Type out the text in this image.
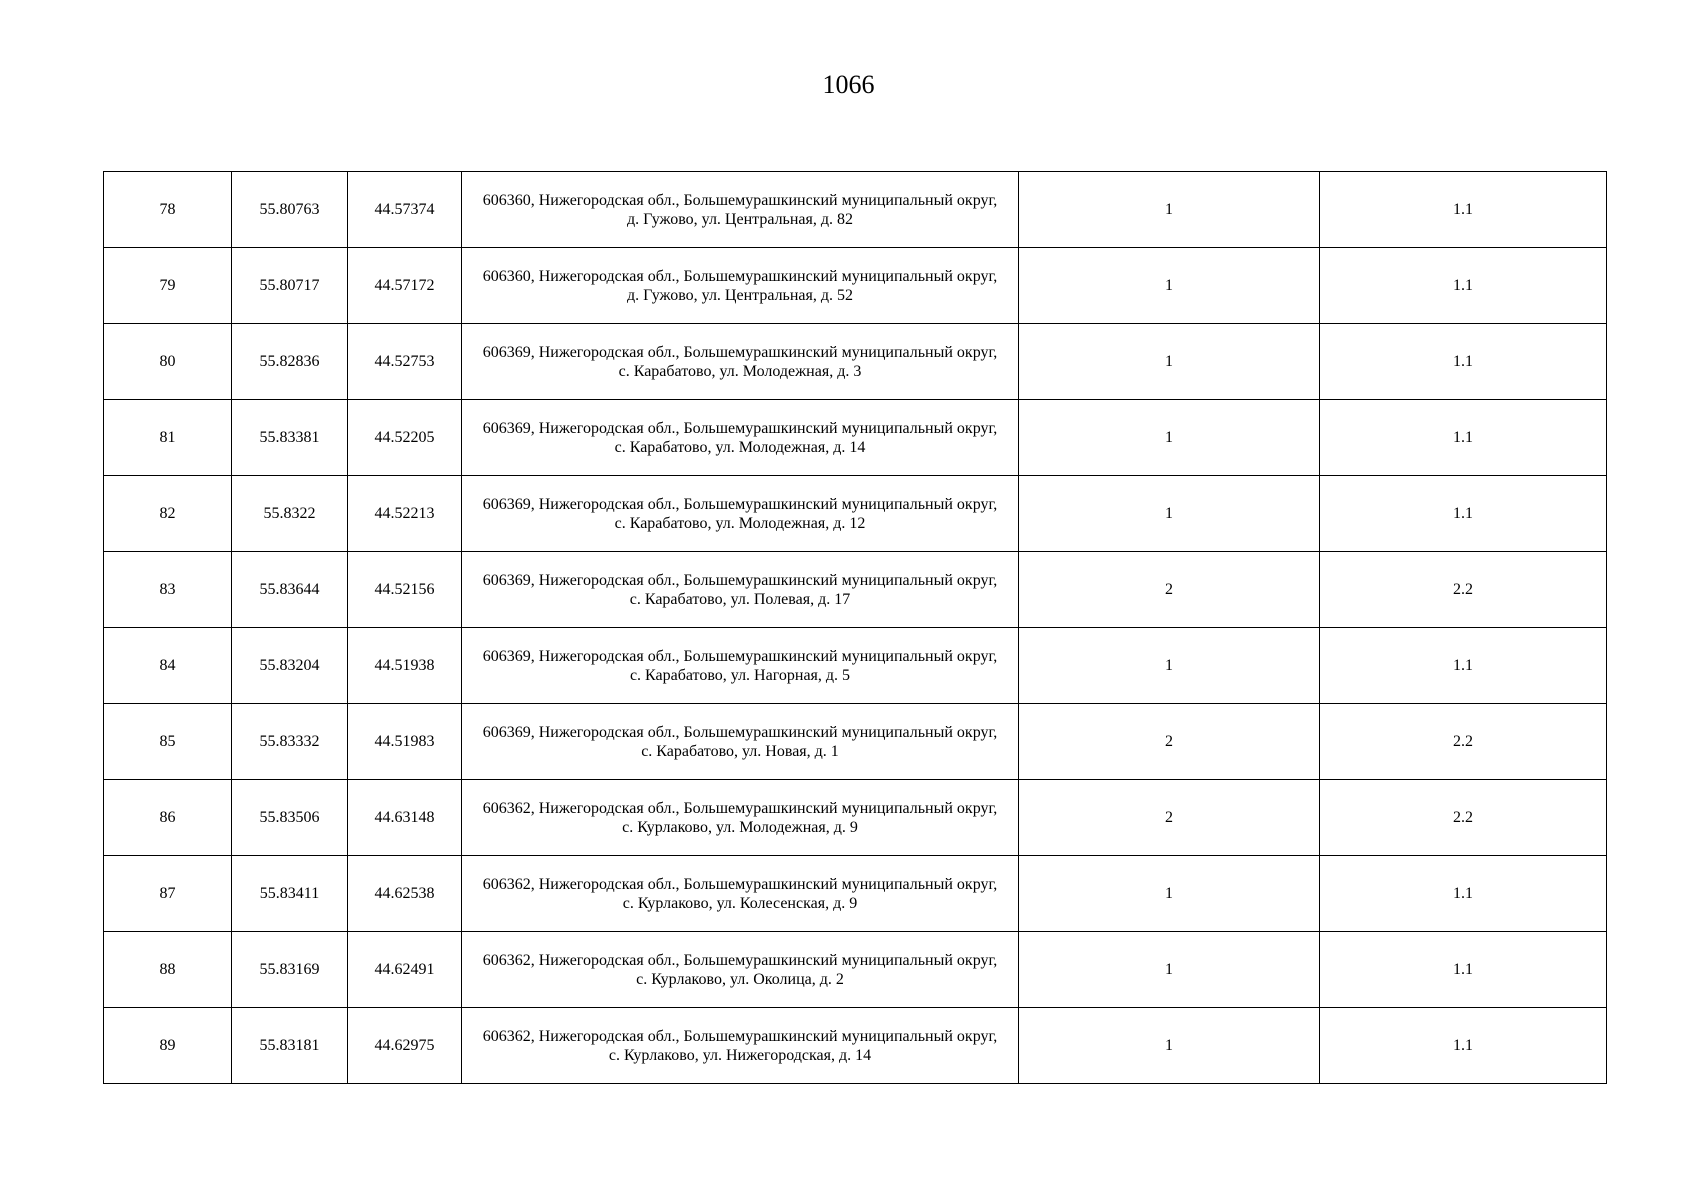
1066
78	55.80763	44.57374	606360, Нижегородская обл., Большемурашкинский муниципальный округ,
д. Гужово, ул. Центральная, д. 82	1	1.1
79	55.80717	44.57172	606360, Нижегородская обл., Большемурашкинский муниципальный округ,
д. Гужово, ул. Центральная, д. 52	1	1.1
80	55.82836	44.52753	606369, Нижегородская обл., Большемурашкинский муниципальный округ,
с. Карабатово, ул. Молодежная, д. 3	1	1.1
81	55.83381	44.52205	606369, Нижегородская обл., Большемурашкинский муниципальный округ,
с. Карабатово, ул. Молодежная, д. 14	1	1.1
82	55.8322	44.52213	606369, Нижегородская обл., Большемурашкинский муниципальный округ,
с. Карабатово, ул. Молодежная, д. 12	1	1.1
83	55.83644	44.52156	606369, Нижегородская обл., Большемурашкинский муниципальный округ,
с. Карабатово, ул. Полевая, д. 17	2	2.2
84	55.83204	44.51938	606369, Нижегородская обл., Большемурашкинский муниципальный округ,
с. Карабатово, ул. Нагорная, д. 5	1	1.1
85	55.83332	44.51983	606369, Нижегородская обл., Большемурашкинский муниципальный округ,
с. Карабатово, ул. Новая, д. 1	2	2.2
86	55.83506	44.63148	606362, Нижегородская обл., Большемурашкинский муниципальный округ,
с. Курлаково, ул. Молодежная, д. 9	2	2.2
87	55.83411	44.62538	606362, Нижегородская обл., Большемурашкинский муниципальный округ,
с. Курлаково, ул. Колесенская, д. 9	1	1.1
88	55.83169	44.62491	606362, Нижегородская обл., Большемурашкинский муниципальный округ,
с. Курлаково, ул. Околица, д. 2	1	1.1
89	55.83181	44.62975	606362, Нижегородская обл., Большемурашкинский муниципальный округ,
с. Курлаково, ул. Нижегородская, д. 14	1	1.1
